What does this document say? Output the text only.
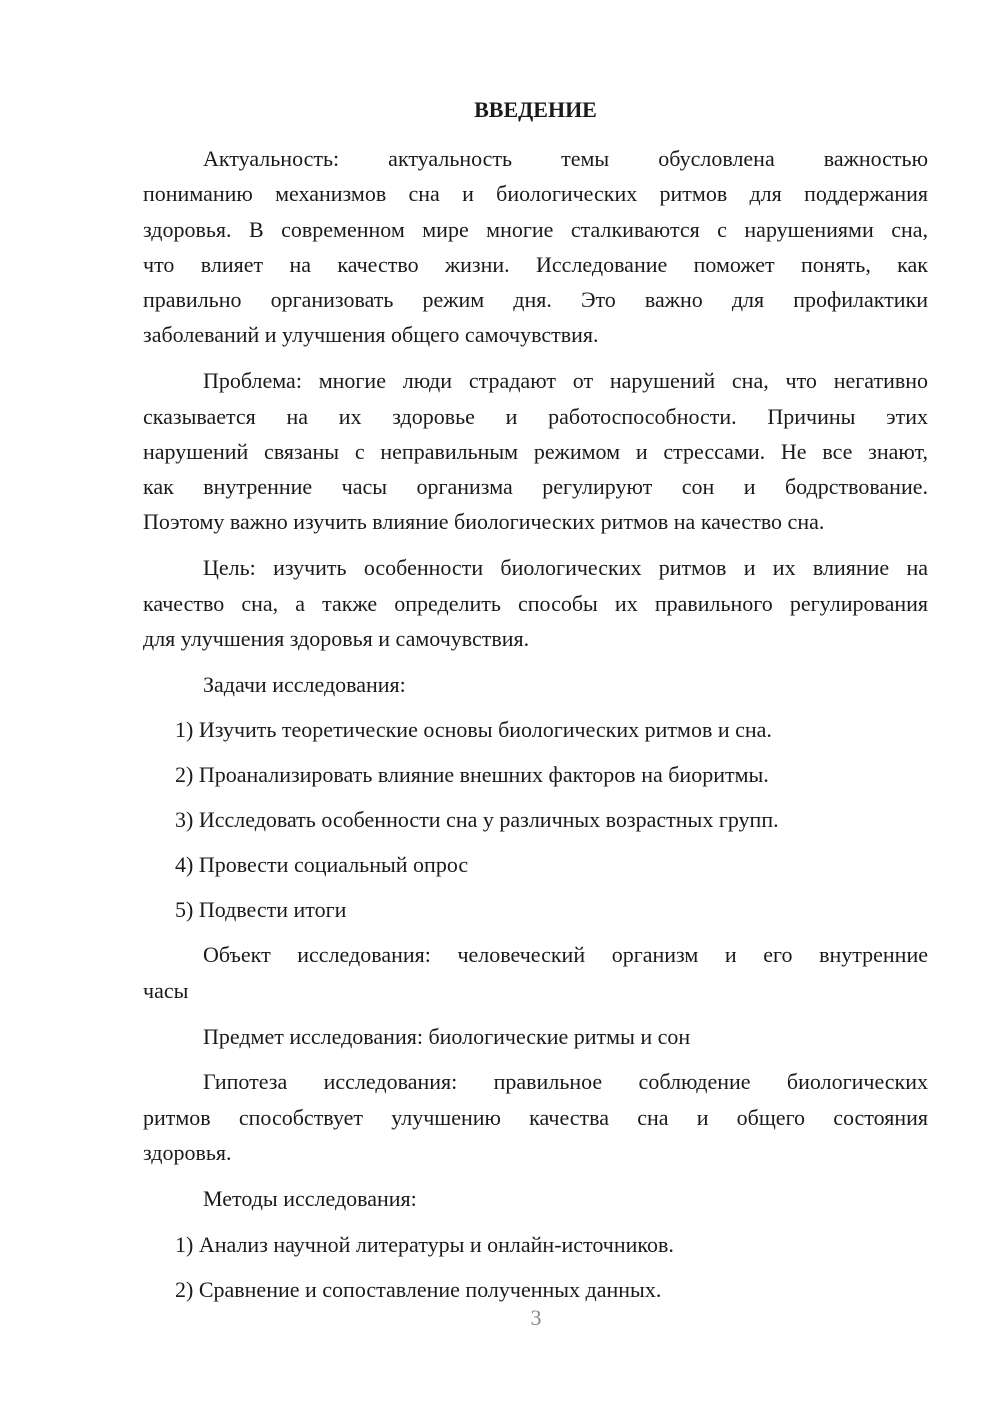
ВВЕДЕНИЕ
Актуальность: актуальность темы обусловлена важностью
пониманию механизмов сна и биологических ритмов для поддержания
здоровья. В современном мире многие сталкиваются с нарушениями сна,
что влияет на качество жизни. Исследование поможет понять, как
правильно организовать режим дня. Это важно для профилактики
заболеваний и улучшения общего самочувствия.
Проблема: многие люди страдают от нарушений сна, что негативно
сказывается на их здоровье и работоспособности. Причины этих
нарушений связаны с неправильным режимом и стрессами. Не все знают,
как внутренние часы организма регулируют сон и бодрствование.
Поэтому важно изучить влияние биологических ритмов на качество сна.
Цель: изучить особенности биологических ритмов и их влияние на
качество сна, а также определить способы их правильного регулирования
для улучшения здоровья и самочувствия.
Задачи исследования:
1) Изучить теоретические основы биологических ритмов и сна.
2) Проанализировать влияние внешних факторов на биоритмы.
3) Исследовать особенности сна у различных возрастных групп.
4) Провести социальный опрос
5) Подвести итоги
Объект исследования: человеческий организм и его внутренние
часы
Предмет исследования: биологические ритмы и сон
Гипотеза исследования: правильное соблюдение биологических
ритмов способствует улучшению качества сна и общего состояния
здоровья.
Методы исследования:
1) Анализ научной литературы и онлайн-источников.
2) Сравнение и сопоставление полученных данных.
3
